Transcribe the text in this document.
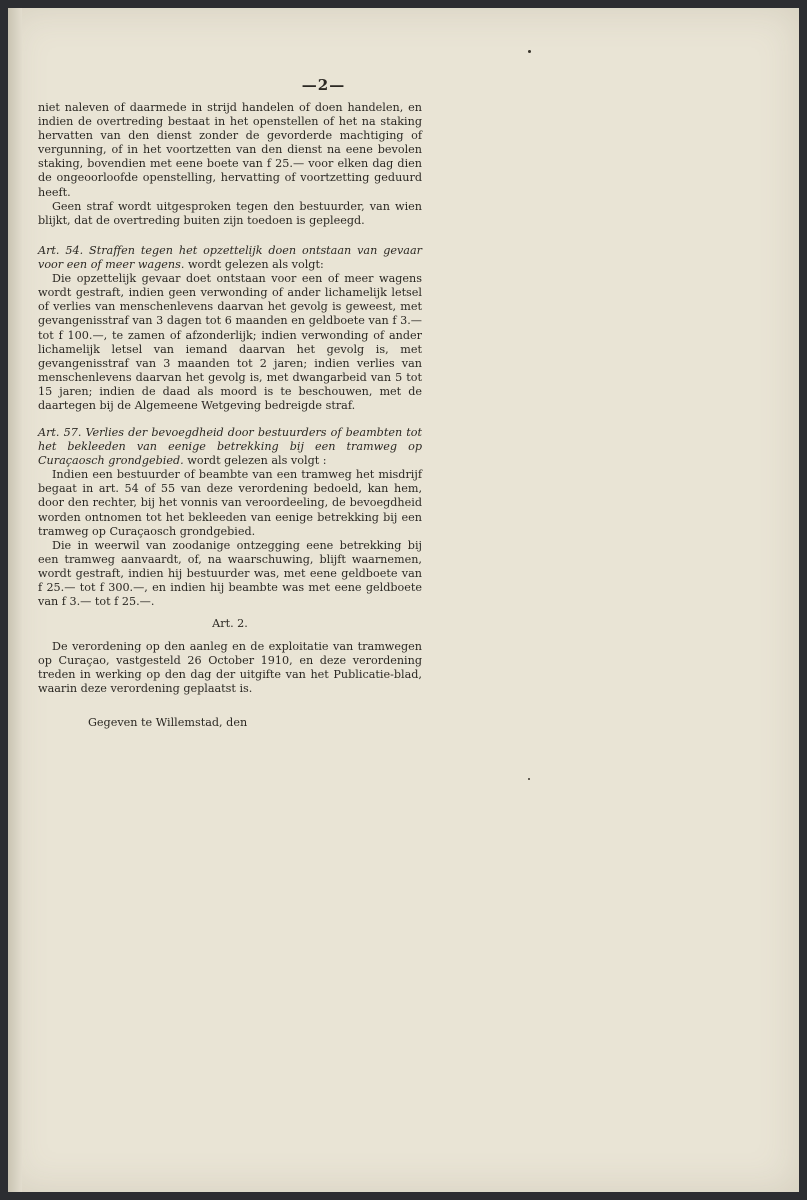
—2—

niet naleven of daarmede in strijd handelen of doen handelen, en indien de overtreding bestaat in het openstellen of het na staking hervatten van den dienst zonder de gevorderde machtiging of vergunning, of in het voortzetten van den dienst na eene bevolen staking, bovendien met eene boete van f 25.— voor elken dag dien de ongeoorloofde openstelling, hervatting of voortzetting geduurd heeft.

Geen straf wordt uitgesproken tegen den bestuurder, van wien blijkt, dat de overtreding buiten zijn toedoen is gepleegd.

Art. 54. Straffen tegen het opzettelijk doen ontstaan van gevaar voor een of meer wagens. wordt gelezen als volgt:

Die opzettelijk gevaar doet ontstaan voor een of meer wagens wordt gestraft, indien geen verwonding of ander lichamelijk letsel of verlies van menschenlevens daarvan het gevolg is geweest, met gevangenisstraf van 3 dagen tot 6 maanden en geldboete van f 3.— tot f 100.—, te zamen of afzonderlijk; indien verwonding of ander lichamelijk letsel van iemand daarvan het gevolg is, met gevangenisstraf van 3 maanden tot 2 jaren; indien verlies van menschenlevens daarvan het gevolg is, met dwangarbeid van 5 tot 15 jaren; indien de daad als moord is te beschouwen, met de daartegen bij de Algemeene Wetgeving bedreigde straf.

Art. 57. Verlies der bevoegdheid door bestuurders of beambten tot het bekleeden van eenige betrekking bij een tramweg op Curaçaosch grondgebied. wordt gelezen als volgt :

Indien een bestuurder of beambte van een tramweg het misdrijf begaat in art. 54 of 55 van deze verordening bedoeld, kan hem, door den rechter, bij het vonnis van veroordeeling, de bevoegdheid worden ontnomen tot het bekleeden van eenige betrekking bij een tramweg op Curaçaosch grondgebied.

Die in weerwil van zoodanige ontzegging eene betrekking bij een tramweg aanvaardt, of, na waarschuwing, blijft waarnemen, wordt gestraft, indien hij bestuurder was, met eene geldboete van f 25.— tot f 300.—, en indien hij beambte was met eene geldboete van f 3.— tot f 25.—.

Art. 2.

De verordening op den aanleg en de exploitatie van tramwegen op Curaçao, vastgesteld 26 October 1910, en deze verordening treden in werking op den dag der uitgifte van het Publicatie-blad, waarin deze verordening geplaatst is.

Gegeven te Willemstad, den
